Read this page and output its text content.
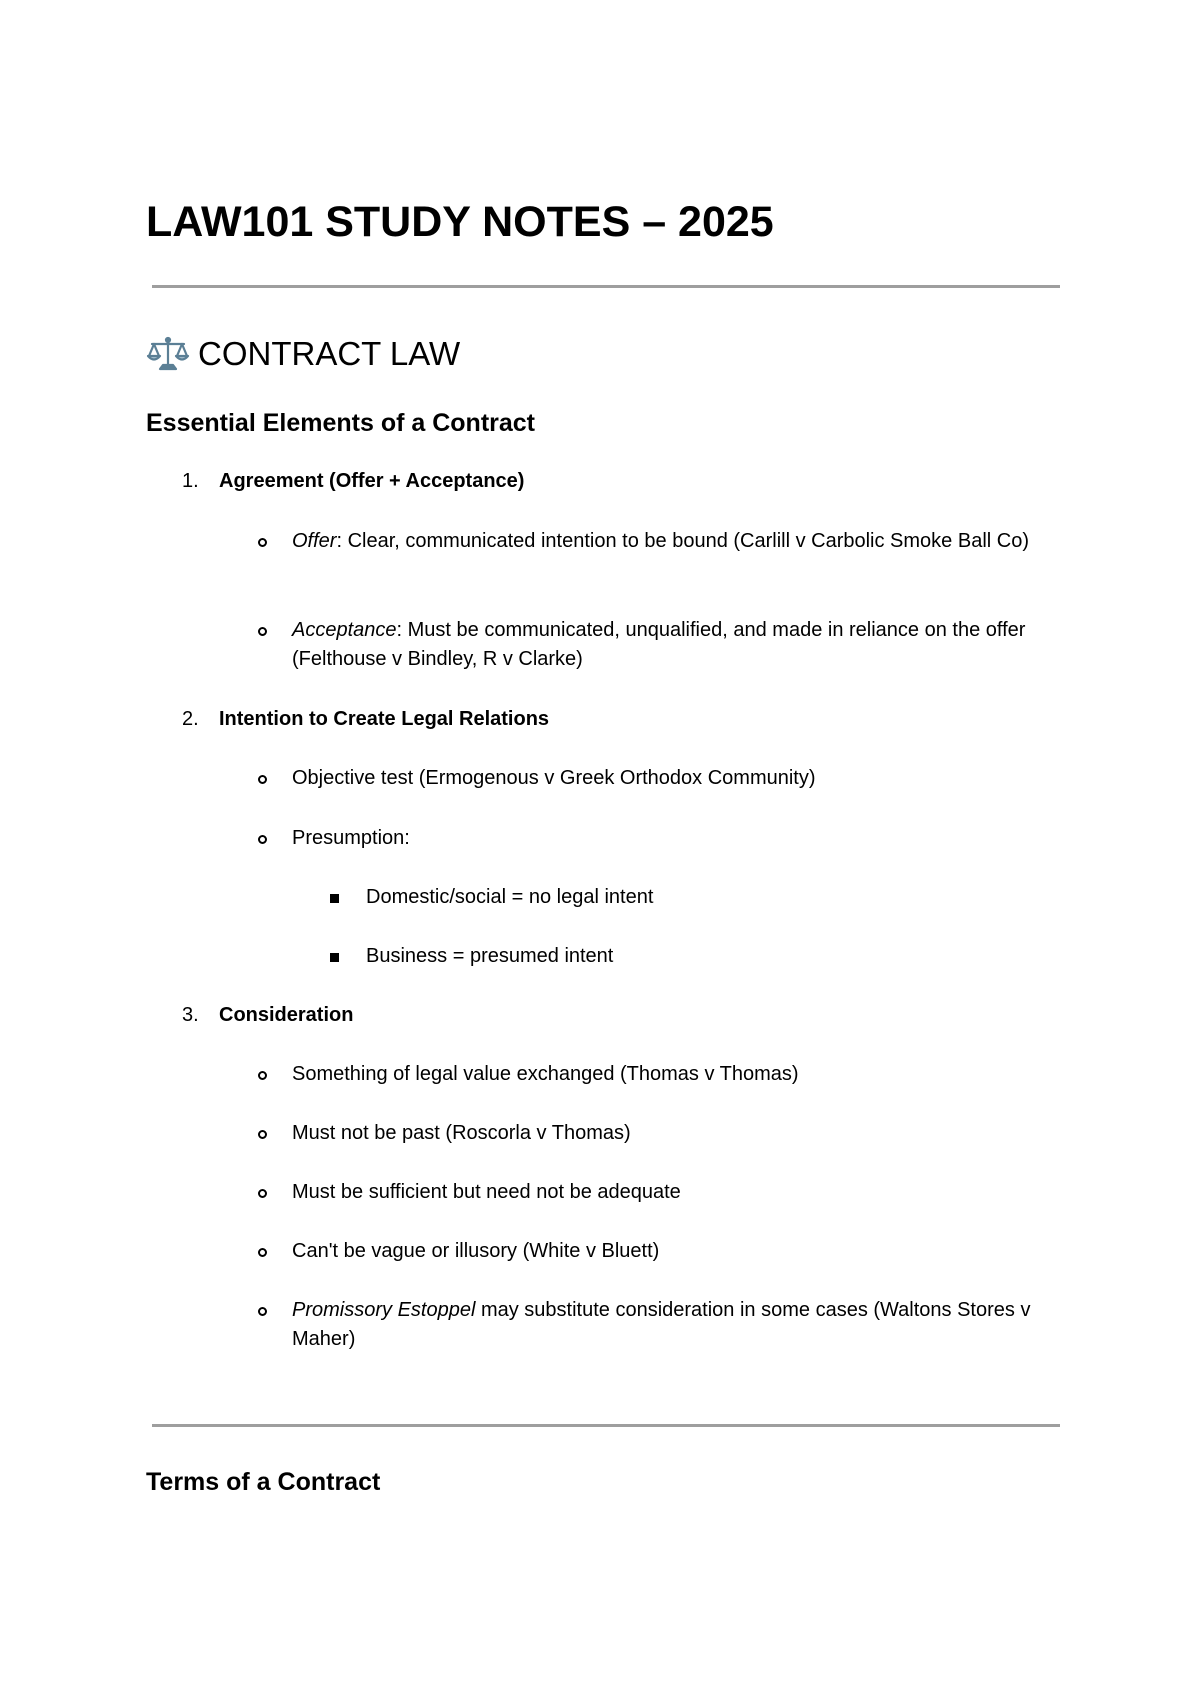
LAW101 STUDY NOTES – 2025
CONTRACT LAW
Essential Elements of a Contract
1. Agreement (Offer + Acceptance)
Offer: Clear, communicated intention to be bound (Carlill v Carbolic Smoke Ball Co)
Acceptance: Must be communicated, unqualified, and made in reliance on the offer (Felthouse v Bindley, R v Clarke)
2. Intention to Create Legal Relations
Objective test (Ermogenous v Greek Orthodox Community)
Presumption:
Domestic/social = no legal intent
Business = presumed intent
3. Consideration
Something of legal value exchanged (Thomas v Thomas)
Must not be past (Roscorla v Thomas)
Must be sufficient but need not be adequate
Can't be vague or illusory (White v Bluett)
Promissory Estoppel may substitute consideration in some cases (Waltons Stores v Maher)
Terms of a Contract
